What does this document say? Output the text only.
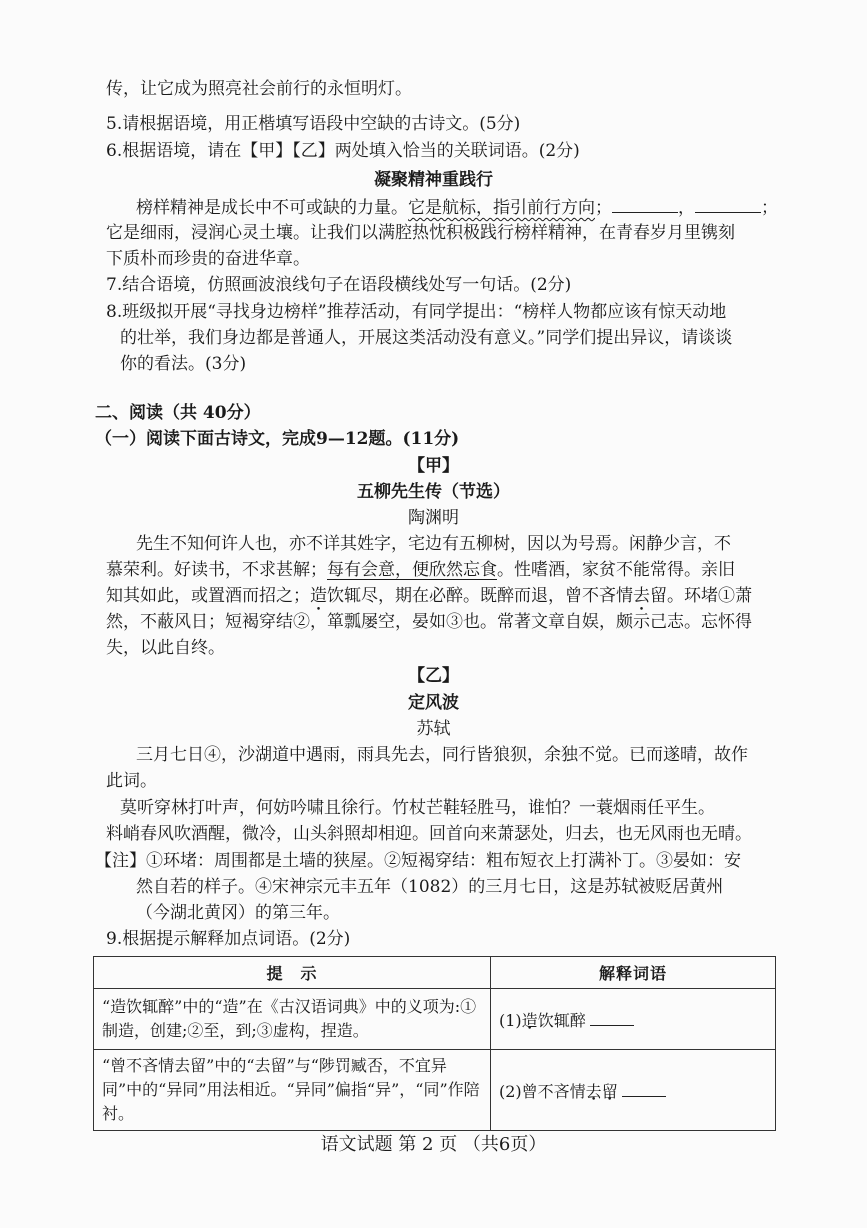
传，让它成为照亮社会前行的永恒明灯。
5.请根据语境，用正楷填写语段中空缺的古诗文。(5分)
6.根据语境，请在【甲】【乙】两处填入恰当的关联词语。(2分)
凝聚精神重践行
榜样精神是成长中不可或缺的力量。它是航标，指引前行方向；	，	；
它是细雨，浸润心灵土壤。让我们以满腔热忱积极践行榜样精神，在青春岁月里镌刻
下质朴而珍贵的奋进华章。
7.结合语境，仿照画波浪线句子在语段横线处写一句话。(2分)
8.班级拟开展“寻找身边榜样”推荐活动，有同学提出：“榜样人物都应该有惊天动地
的壮举，我们身边都是普通人，开展这类活动没有意义。”同学们提出异议，请谈谈
你的看法。(3分)
二、阅读（共 40分）
（一）阅读下面古诗文，完成9—12题。(11分)
【甲】
五柳先生传（节选）
陶渊明
先生不知何许人也，亦不详其姓字，宅边有五柳树，因以为号焉。闲静少言，不
慕荣利。好读书，不求甚解；每有会意，便欣然忘食。性嗜酒，家贫不能常得。亲旧
知其如此，或置酒而招之；造饮辄尽，期在必醉。既醉而退，曾不吝情去留。环堵①萧
然，不蔽风日；短褐穿结②，箪瓢屡空，晏如③也。常著文章自娱，颇示己志。忘怀得
失，以此自终。
【乙】
定风波
苏轼
三月七日④，沙湖道中遇雨，雨具先去，同行皆狼狈，余独不觉。已而遂晴，故作
此词。
莫听穿林打叶声，何妨吟啸且徐行。竹杖芒鞋轻胜马，谁怕？一蓑烟雨任平生。
料峭春风吹酒醒，微冷，山头斜照却相迎。回首向来萧瑟处，归去，也无风雨也无晴。
【注】①环堵：周围都是土墙的狭屋。②短褐穿结：粗布短衣上打满补丁。③晏如：安
然自若的样子。④宋神宗元丰五年（1082）的三月七日，这是苏轼被贬居黄州
（今湖北黄冈）的第三年。
9.根据提示解释加点词语。(2分)
提　示	解释词语
“造饮辄醉”中的“造”在《古汉语词典》中的义项为:①制造，创建;②至，到;③虚构，捏造。	(1)造饮辄醉
“曾不吝情去留”中的“去留”与“陟罚臧否，不宜异同”中的“异同”用法相近。“异同”偏指“异”，“同”作陪衬。	(2)曾不吝情去留
语文试题 第 2 页 （共6页）
